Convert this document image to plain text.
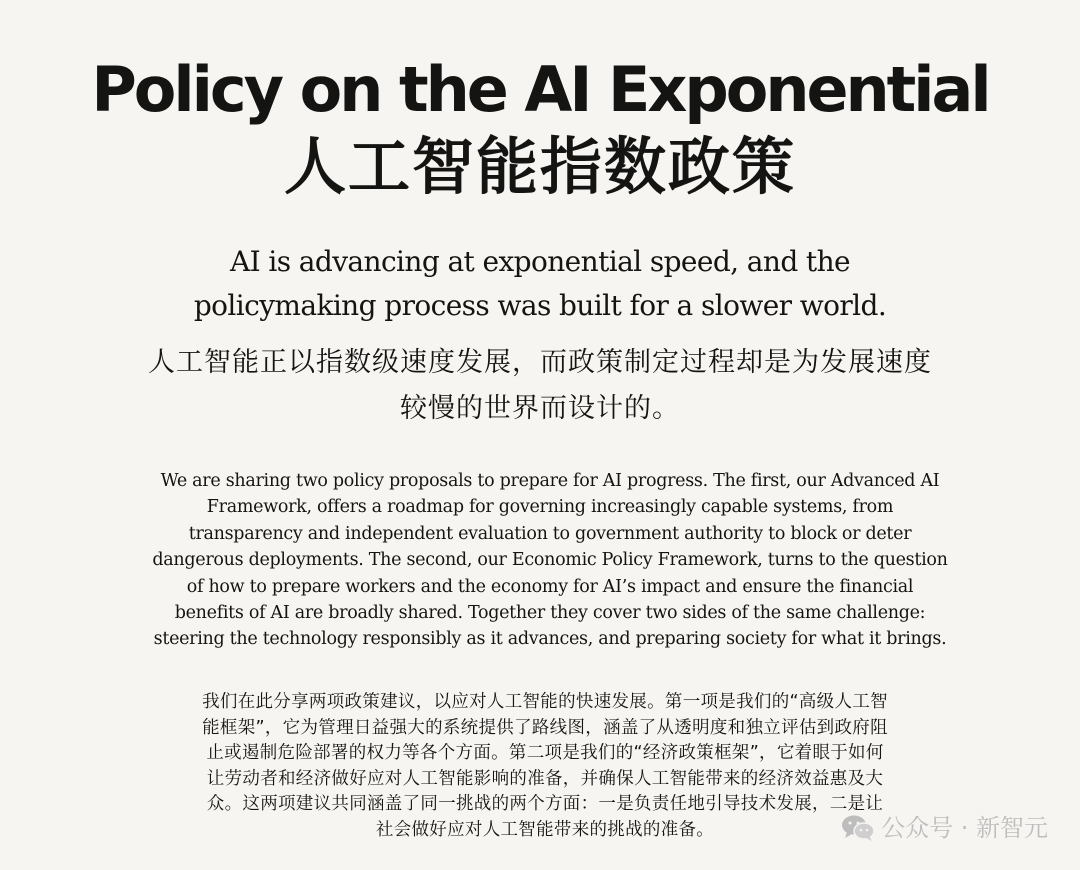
Policy on the AI Exponential
人工智能指数政策

AI is advancing at exponential speed, and the policymaking process was built for a slower world.

人工智能正以指数级速度发展，而政策制定过程却是为发展速度较慢的世界而设计的。

We are sharing two policy proposals to prepare for AI progress. The first, our Advanced AI Framework, offers a roadmap for governing increasingly capable systems, from transparency and independent evaluation to government authority to block or deter dangerous deployments. The second, our Economic Policy Framework, turns to the question of how to prepare workers and the economy for AI’s impact and ensure the financial benefits of AI are broadly shared. Together they cover two sides of the same challenge: steering the technology responsibly as it advances, and preparing society for what it brings.

我们在此分享两项政策建议，以应对人工智能的快速发展。第一项是我们的“高级人工智能框架”，它为管理日益强大的系统提供了路线图，涵盖了从透明度和独立评估到政府阻止或遏制危险部署的权力等各个方面。第二项是我们的“经济政策框架”，它着眼于如何让劳动者和经济做好应对人工智能影响的准备，并确保人工智能带来的经济效益惠及大众。这两项建议共同涵盖了同一挑战的两个方面：一是负责任地引导技术发展，二是让社会做好应对人工智能带来的挑战的准备。	公众号 · 新智元
